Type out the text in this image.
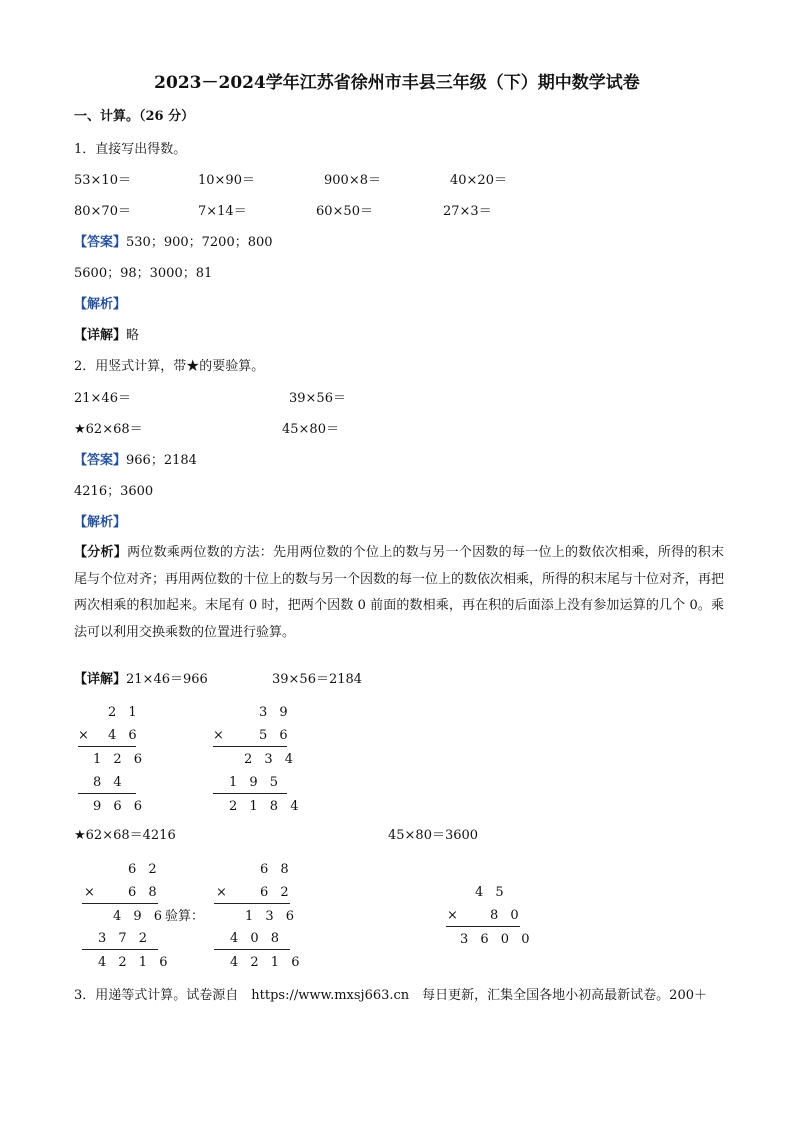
2023－2024学年江苏省徐州市丰县三年级（下）期中数学试卷
一、计算。（26 分）
1．直接写出得数。
53×10＝	10×90＝	900×8＝	40×20＝
80×70＝	7×14＝	60×50＝	27×3＝
【答案】530；900；7200；800
5600；98；3000；81
【解析】
【详解】略
2．用竖式计算，带★的要验算。
21×46＝	39×56＝
★62×68＝	45×80＝
【答案】966；2184
4216；3600
【解析】
【分析】两位数乘两位数的方法：先用两位数的个位上的数与另一个因数的每一位上的数依次相乘，所得的积末尾与个位对齐；再用两位数的十位上的数与另一个因数的每一位上的数依次相乘，所得的积末尾与十位对齐，再把两次相乘的积加起来。末尾有 0 时，把两个因数 0 前面的数相乘，再在积的后面添上没有参加运算的几个 0。乘法可以利用交换乘数的位置进行验算。
【详解】21×46＝966	39×56＝2184
2 1
× 4 6
1 2 6
8 4
9 6 6
3 9
×	5 6
2 3 4
1 9 5
2 1 8 4
★62×68＝4216	45×80＝3600
6 2
×	6 8
4 9 6
3 7 2
4 2 1 6
验算：
6 8
×	6 2
1 3 6
4 0 8
4 2 1 6
4 5
× 8 0
3 6 0 0
3．用递等式计算。试卷源自　https://www.mxsj663.cn　每日更新，汇集全国各地小初高最新试卷。200＋
